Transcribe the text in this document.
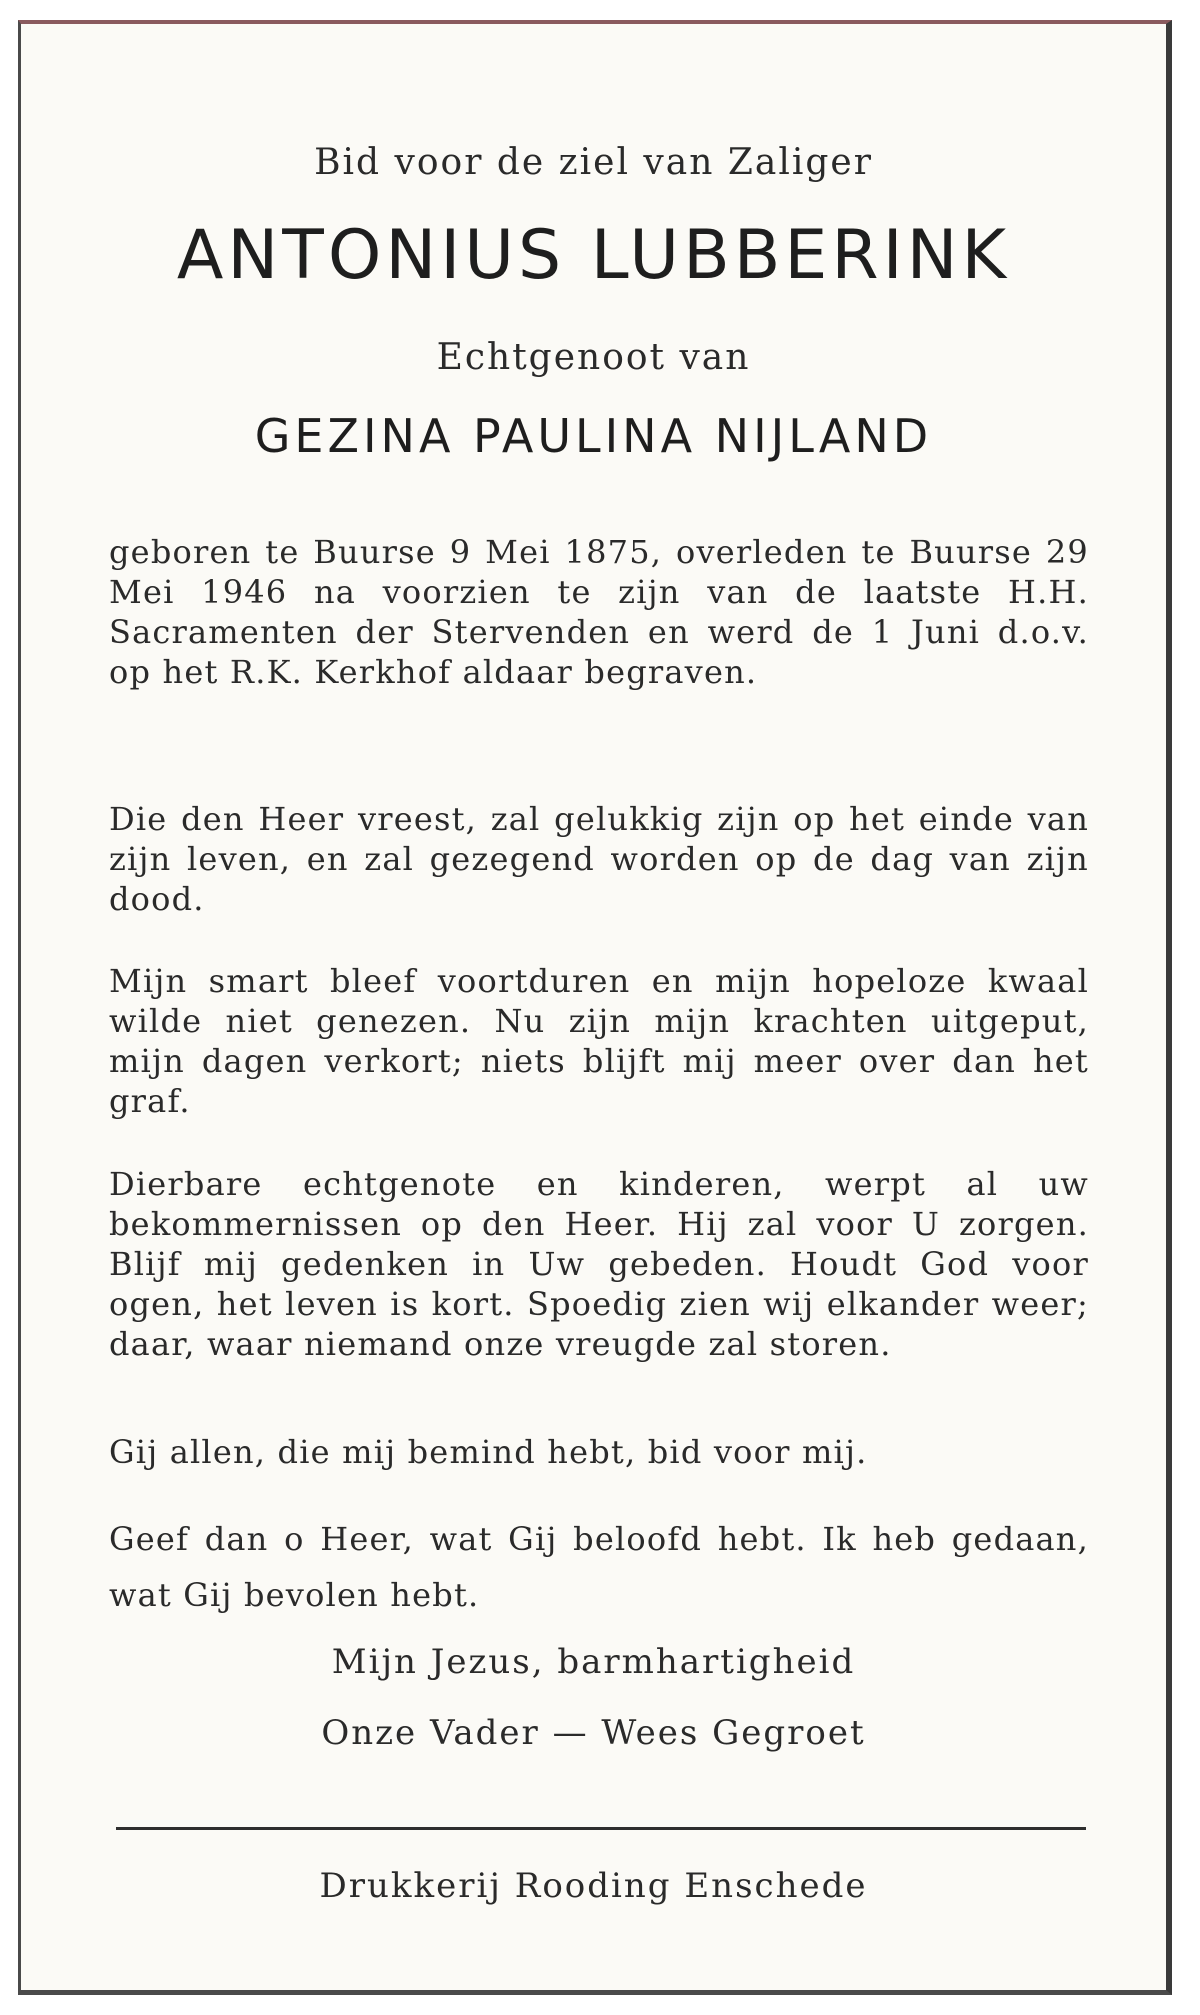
Bid voor de ziel van Zaliger
ANTONIUS LUBBERINK
Echtgenoot van
GEZINA PAULINA NIJLAND

geboren te Buurse 9 Mei 1875, overleden te Buurse 29 Mei 1946 na voorzien te zijn van de laatste H.H. Sacramenten der Stervenden en werd de 1 Juni d.o.v. op het R.K. Kerkhof aldaar begraven.

Die den Heer vreest, zal gelukkig zijn op het einde van zijn leven, en zal gezegend worden op de dag van zijn dood.

Mijn smart bleef voortduren en mijn hopeloze kwaal wilde niet genezen. Nu zijn mijn krachten uitgeput, mijn dagen verkort; niets blijft mij meer over dan het graf.

Dierbare echtgenote en kinderen, werpt al uw bekommernissen op den Heer. Hij zal voor U zorgen. Blijf mij gedenken in Uw gebeden. Houdt God voor ogen, het leven is kort. Spoedig zien wij elkander weer; daar, waar niemand onze vreugde zal storen.

Gij allen, die mij bemind hebt, bid voor mij.

Geef dan o Heer, wat Gij beloofd hebt. Ik heb gedaan, wat Gij bevolen hebt.

Mijn Jezus, barmhartigheid
Onze Vader — Wees Gegroet
Drukkerij Rooding Enschede
